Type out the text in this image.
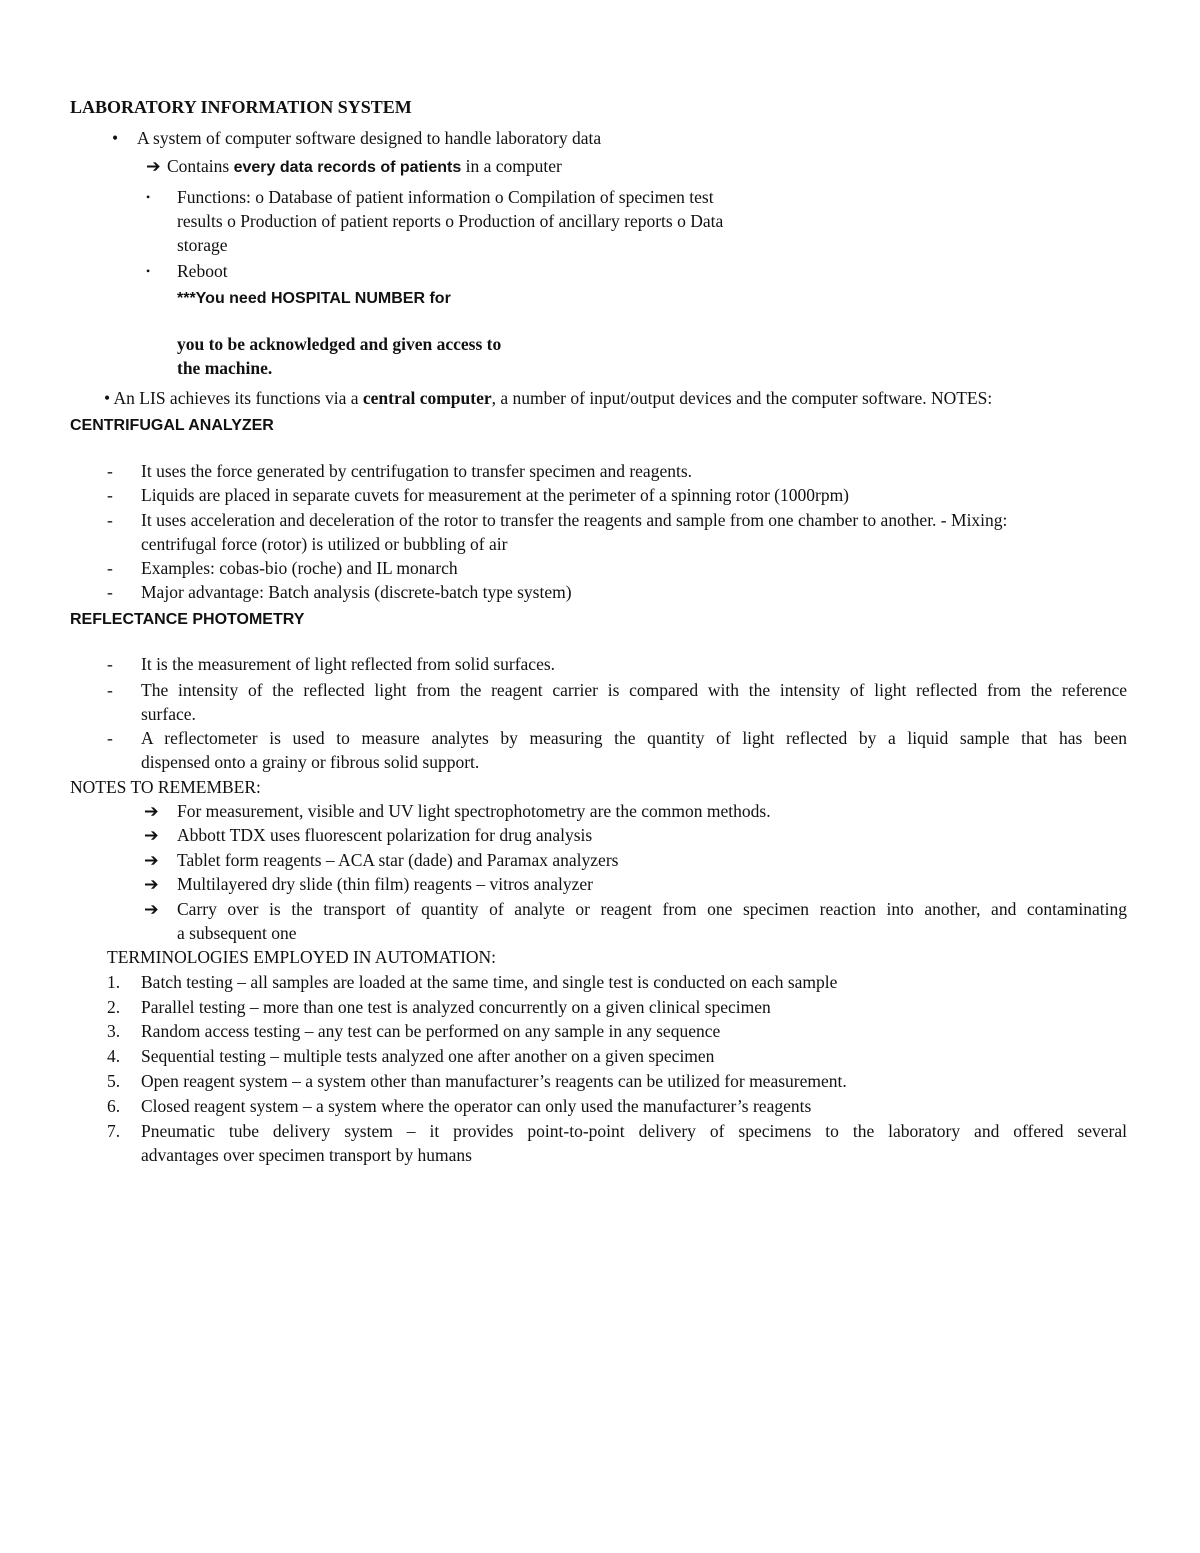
LABORATORY INFORMATION SYSTEM
• A system of computer software designed to handle laboratory data
➔ Contains every data records of patients in a computer
• Functions: o Database of patient information o Compilation of specimen test
results o Production of patient reports o Production of ancillary reports o Data
storage
• Reboot
***You need HOSPITAL NUMBER for
you to be acknowledged and given access to
the machine.
• An LIS achieves its functions via a central computer, a number of input/output devices and the computer software. NOTES:
CENTRIFUGAL ANALYZER
- It uses the force generated by centrifugation to transfer specimen and reagents.
- Liquids are placed in separate cuvets for measurement at the perimeter of a spinning rotor (1000rpm)
- It uses acceleration and deceleration of the rotor to transfer the reagents and sample from one chamber to another. - Mixing:
centrifugal force (rotor) is utilized or bubbling of air
- Examples: cobas-bio (roche) and IL monarch
- Major advantage: Batch analysis (discrete-batch type system)
REFLECTANCE PHOTOMETRY
- It is the measurement of light reflected from solid surfaces.
- The intensity of the reflected light from the reagent carrier is compared with the intensity of light reflected from the reference
surface.
- A reflectometer is used to measure analytes by measuring the quantity of light reflected by a liquid sample that has been
dispensed onto a grainy or fibrous solid support.
NOTES TO REMEMBER:
➔ For measurement, visible and UV light spectrophotometry are the common methods.
➔ Abbott TDX uses fluorescent polarization for drug analysis
➔ Tablet form reagents – ACA star (dade) and Paramax analyzers
➔ Multilayered dry slide (thin film) reagents – vitros analyzer
➔ Carry over is the transport of quantity of analyte or reagent from one specimen reaction into another, and contaminating
a subsequent one
TERMINOLOGIES EMPLOYED IN AUTOMATION:
1. Batch testing – all samples are loaded at the same time, and single test is conducted on each sample
2. Parallel testing – more than one test is analyzed concurrently on a given clinical specimen
3. Random access testing – any test can be performed on any sample in any sequence
4. Sequential testing – multiple tests analyzed one after another on a given specimen
5. Open reagent system – a system other than manufacturer’s reagents can be utilized for measurement.
6. Closed reagent system – a system where the operator can only used the manufacturer’s reagents
7. Pneumatic tube delivery system – it provides point-to-point delivery of specimens to the laboratory and offered several
advantages over specimen transport by humans
